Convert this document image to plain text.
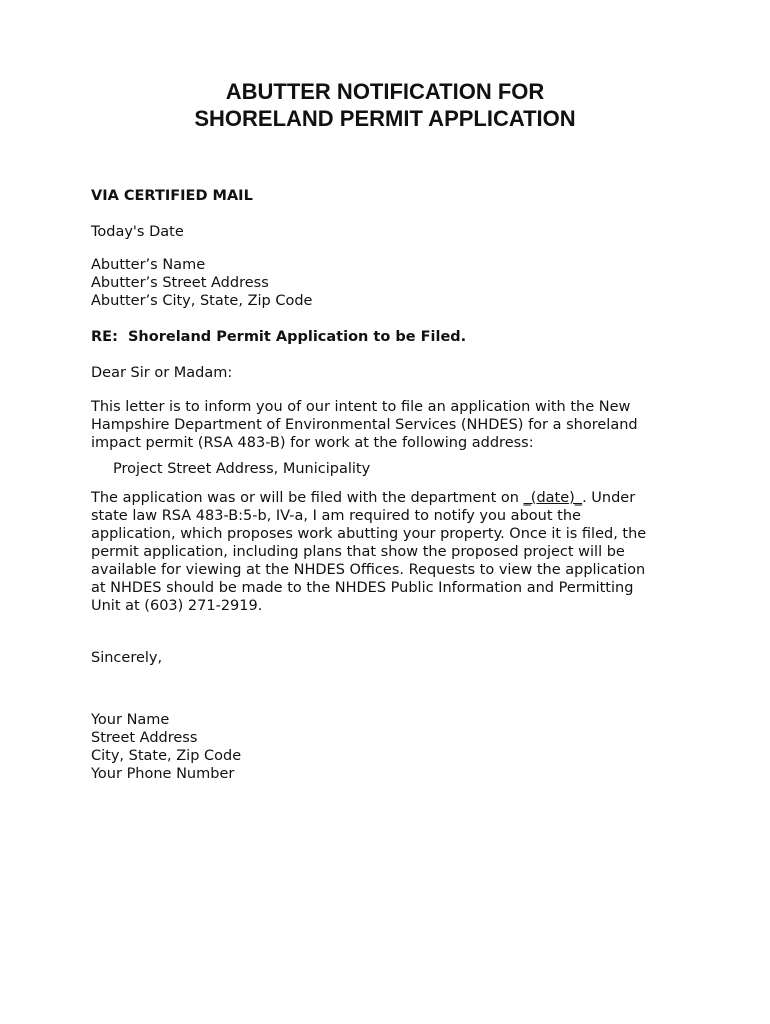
ABUTTER NOTIFICATION FOR
SHORELAND PERMIT APPLICATION
VIA CERTIFIED MAIL
Today's Date
Abutter’s Name
Abutter’s Street Address
Abutter’s City, State, Zip Code
RE: Shoreland Permit Application to be Filed.
Dear Sir or Madam:
This letter is to inform you of our intent to file an application with the New
Hampshire Department of Environmental Services (NHDES) for a shoreland
impact permit (RSA 483-B) for work at the following address:
Project Street Address, Municipality
The application was or will be filed with the department on _(date)_. Under
state law RSA 483-B:5-b, IV-a, I am required to notify you about the
application, which proposes work abutting your property. Once it is filed, the
permit application, including plans that show the proposed project will be
available for viewing at the NHDES Offices. Requests to view the application
at NHDES should be made to the NHDES Public Information and Permitting
Unit at (603) 271-2919.
Sincerely,
Your Name
Street Address
City, State, Zip Code
Your Phone Number
